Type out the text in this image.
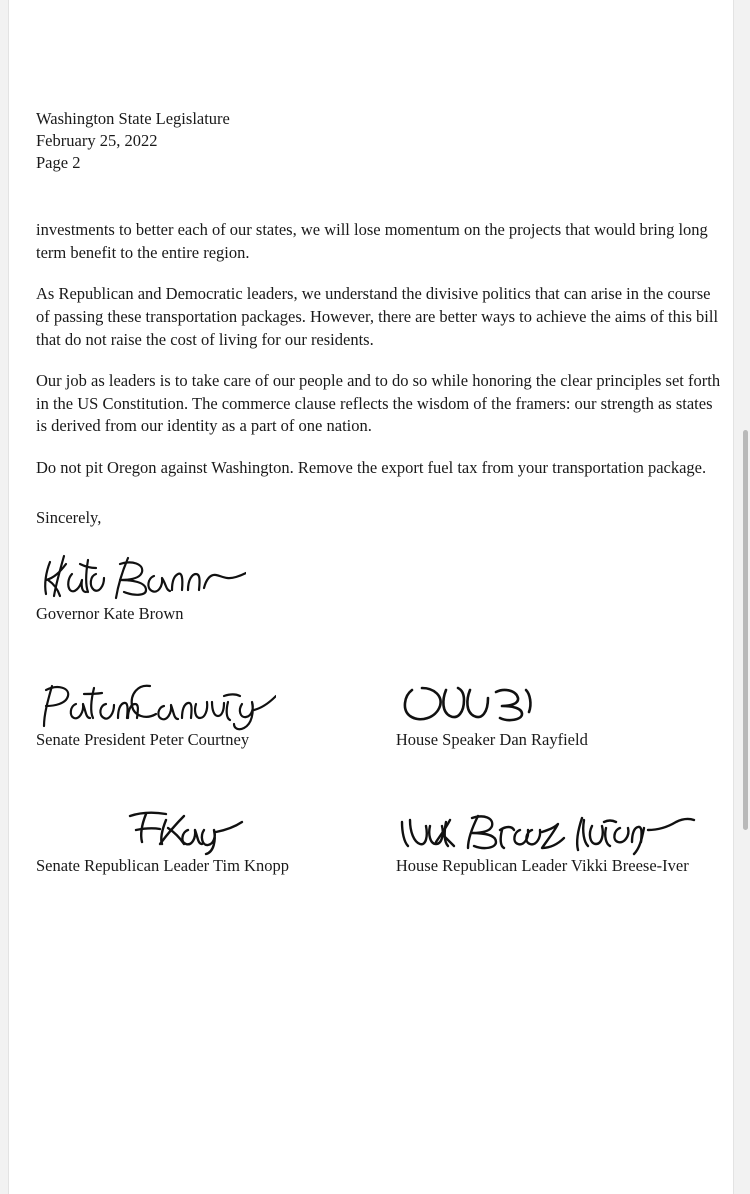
Washington State Legislature
February 25, 2022
Page 2

investments to better each of our states, we will lose momentum on the projects that would bring long term benefit to the entire region.

As Republican and Democratic leaders, we understand the divisive politics that can arise in the course of passing these transportation packages. However, there are better ways to achieve the aims of this bill that do not raise the cost of living for our residents.

Our job as leaders is to take care of our people and to do so while honoring the clear principles set forth in the US Constitution. The commerce clause reflects the wisdom of the framers: our strength as states is derived from our identity as a part of one nation.

Do not pit Oregon against Washington. Remove the export fuel tax from your transportation package.

Sincerely,

Governor Kate Brown
Senate President Peter Courtney	House Speaker Dan Rayfield
Senate Republican Leader Tim Knopp	House Republican Leader Vikki Breese-Iver
